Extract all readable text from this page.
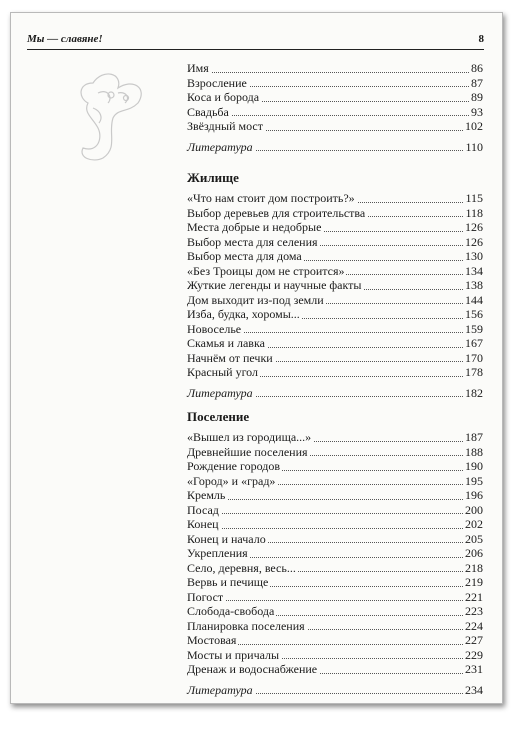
Мы — славяне!	8
Имя	86
Взросление	87
Коса и борода	89
Свадьба	93
Звёздный мост	102
Литература	110
Жилище
«Что нам стоит дом построить?»	115
Выбор деревьев для строительства	118
Места добрые и недобрые	126
Выбор места для селения	126
Выбор места для дома	130
«Без Троицы дом не строится»	134
Жуткие легенды и научные факты	138
Дом выходит из-под земли	144
Изба, будка, хоромы...	156
Новоселье	159
Скамья и лавка	167
Начнём от печки	170
Красный угол	178
Литература	182
Поселение
«Вышел из городища...»	187
Древнейшие поселения	188
Рождение городов	190
«Город» и «град»	195
Кремль	196
Посад	200
Конец	202
Конец и начало	205
Укрепления	206
Село, деревня, весь...	218
Вервь и печище	219
Погост	221
Слобода-свобода	223
Планировка поселения	224
Мостовая	227
Мосты и причалы	229
Дренаж и водоснабжение	231
Литература	234
